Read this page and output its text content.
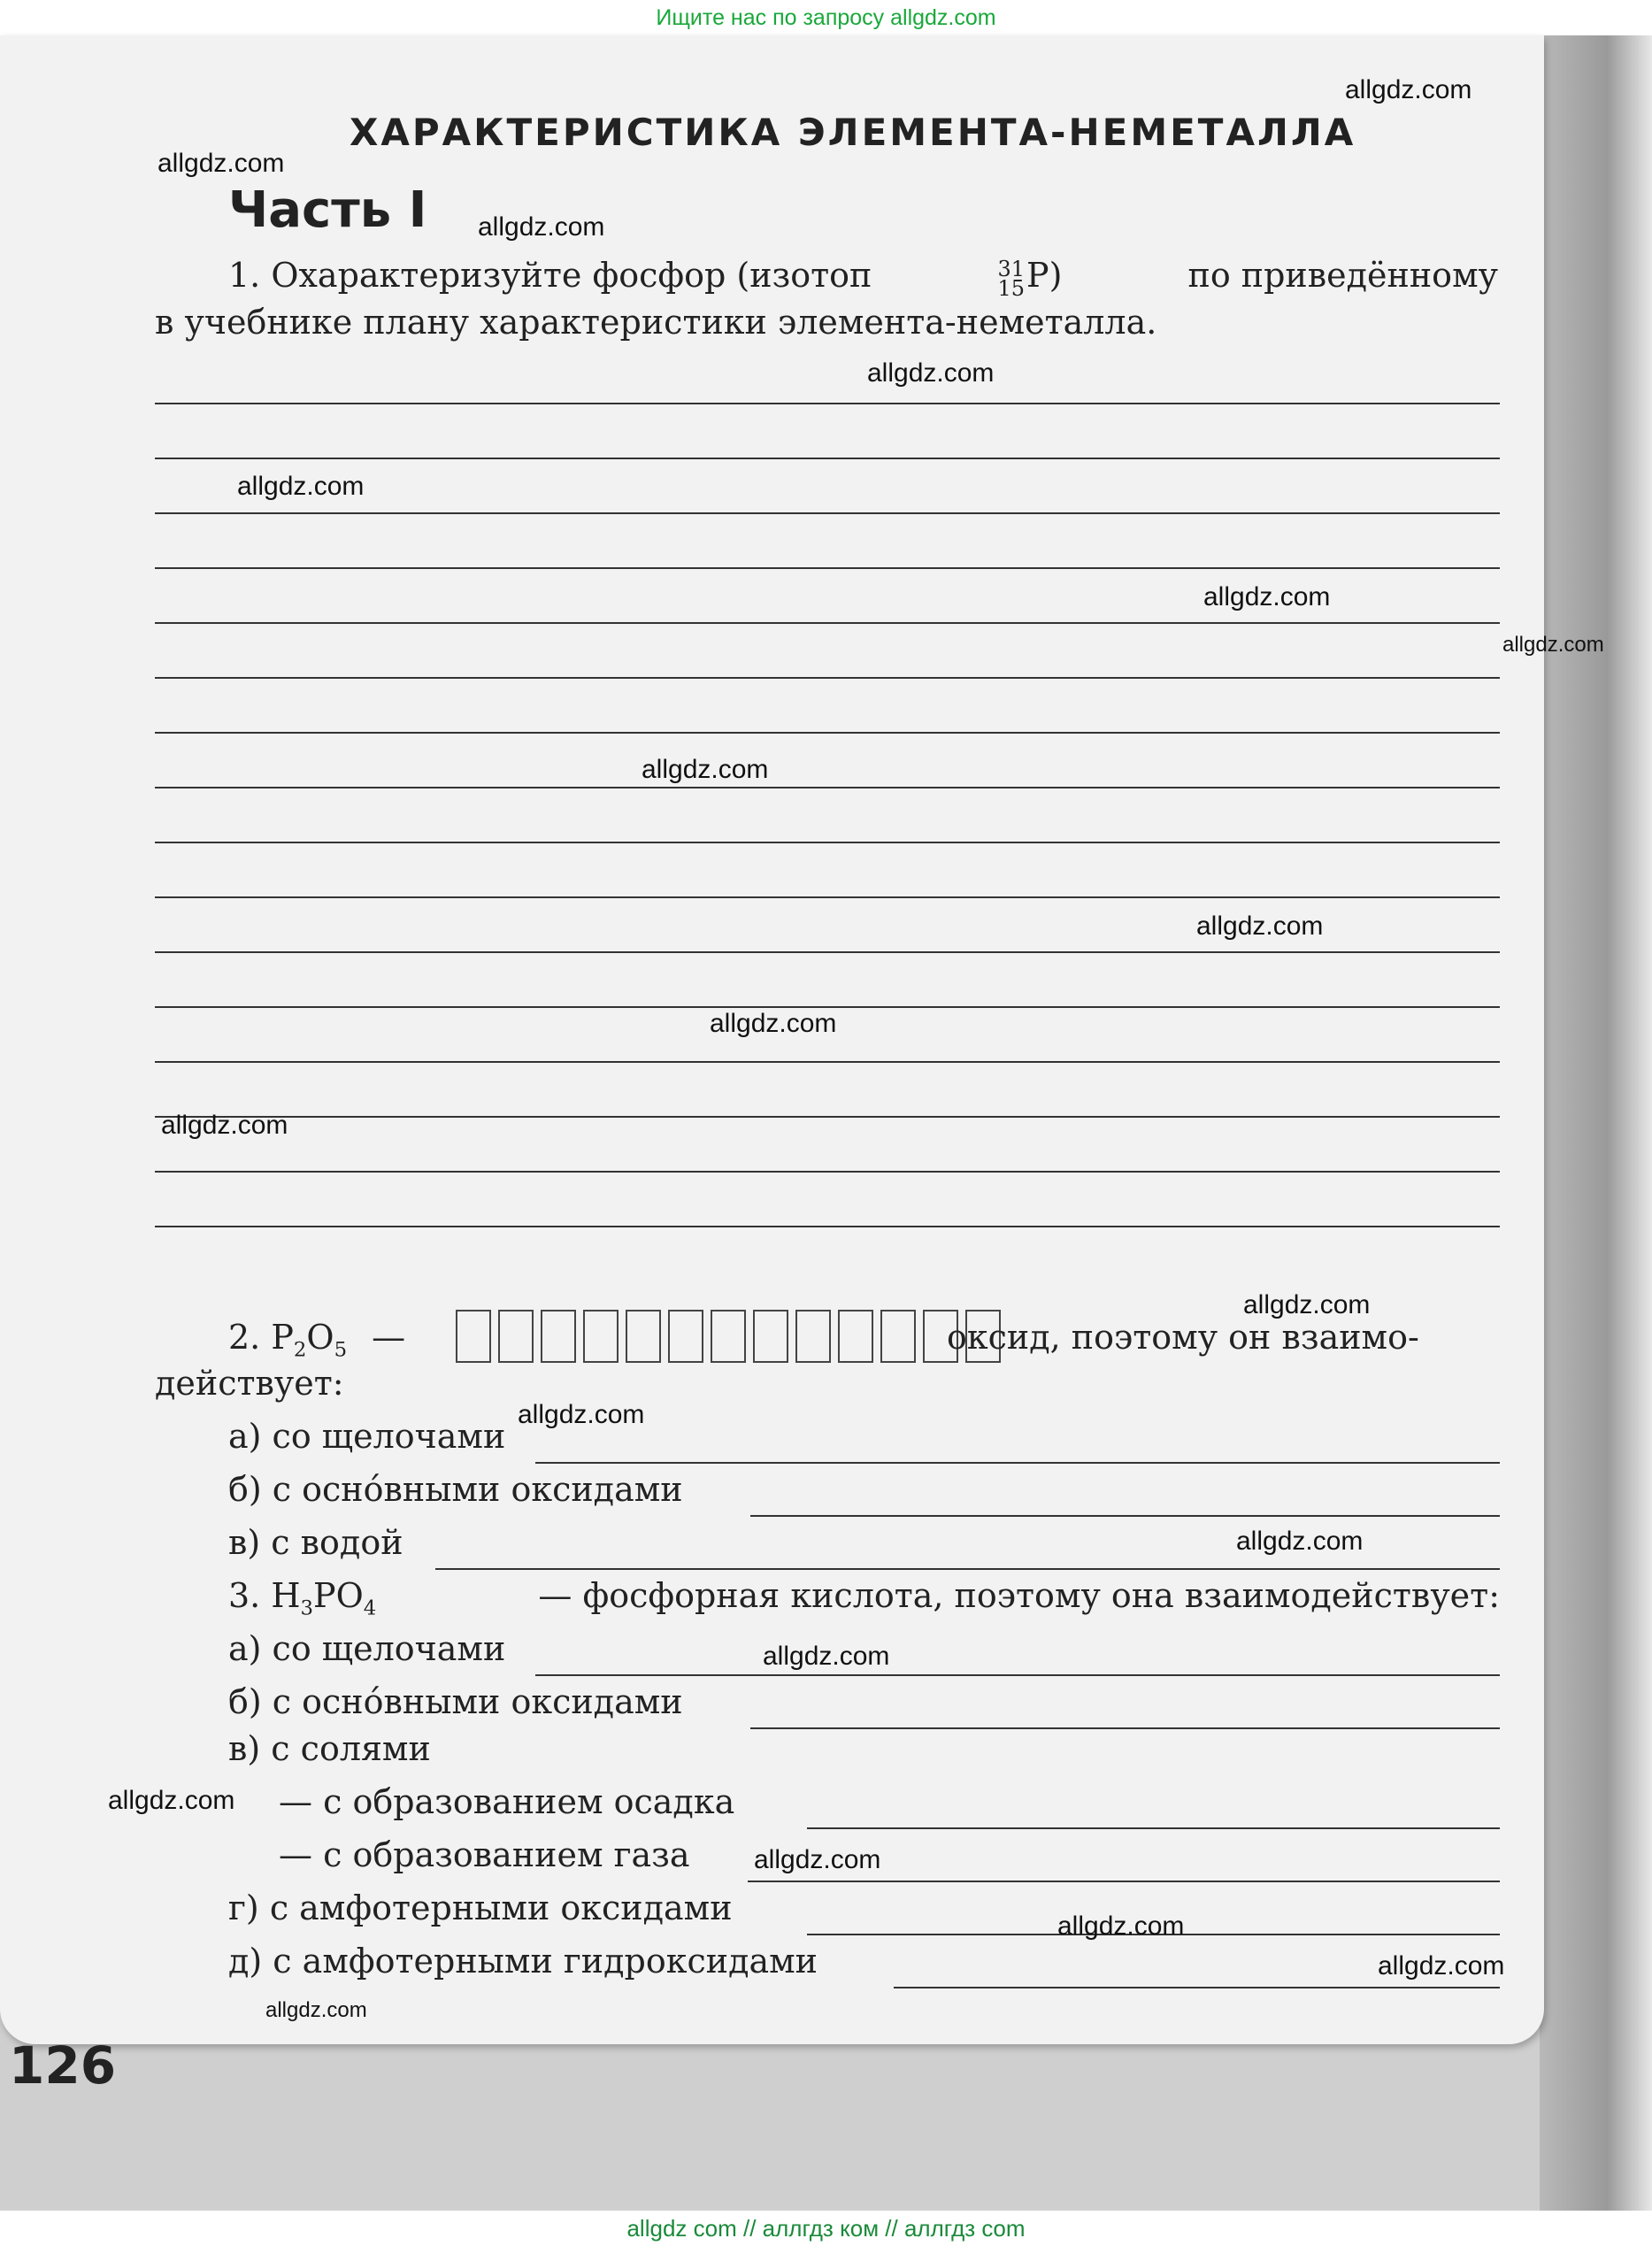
Ищите нас по запросу allgdz.com
ХАРАКТЕРИСТИКА ЭЛЕМЕНТА-НЕМЕТАЛЛА
Часть I
1. Охарактеризуйте фосфор (изотоп	31
15P)	по приведённому
в учебнике плану характеристики элемента-неметалла.
2. $P_2O_5$ —	оксид, поэтому он взаимо-
действует:
а) со щелочами
б) с оснóвными оксидами
в) с водой
3. $H_3PO_4$	— фосфорная кислота, поэтому она взаимодействует:
а) со щелочами
б) с оснóвными оксидами
в) с солями
— с образованием осадка
— с образованием газа
г) с амфотерными оксидами
д) с амфотерными гидроксидами
126
allgdz.com
allgdz.com
allgdz.com
allgdz.com
allgdz.com
allgdz.com
allgdz.com
allgdz.com
allgdz.com
allgdz.com
allgdz.com
allgdz.com
allgdz.com
allgdz.com
allgdz.com
allgdz.com
allgdz.com
allgdz.com
allgdz.com
allgdz.com
allgdz com // аллгдз ком // аллгдз com
